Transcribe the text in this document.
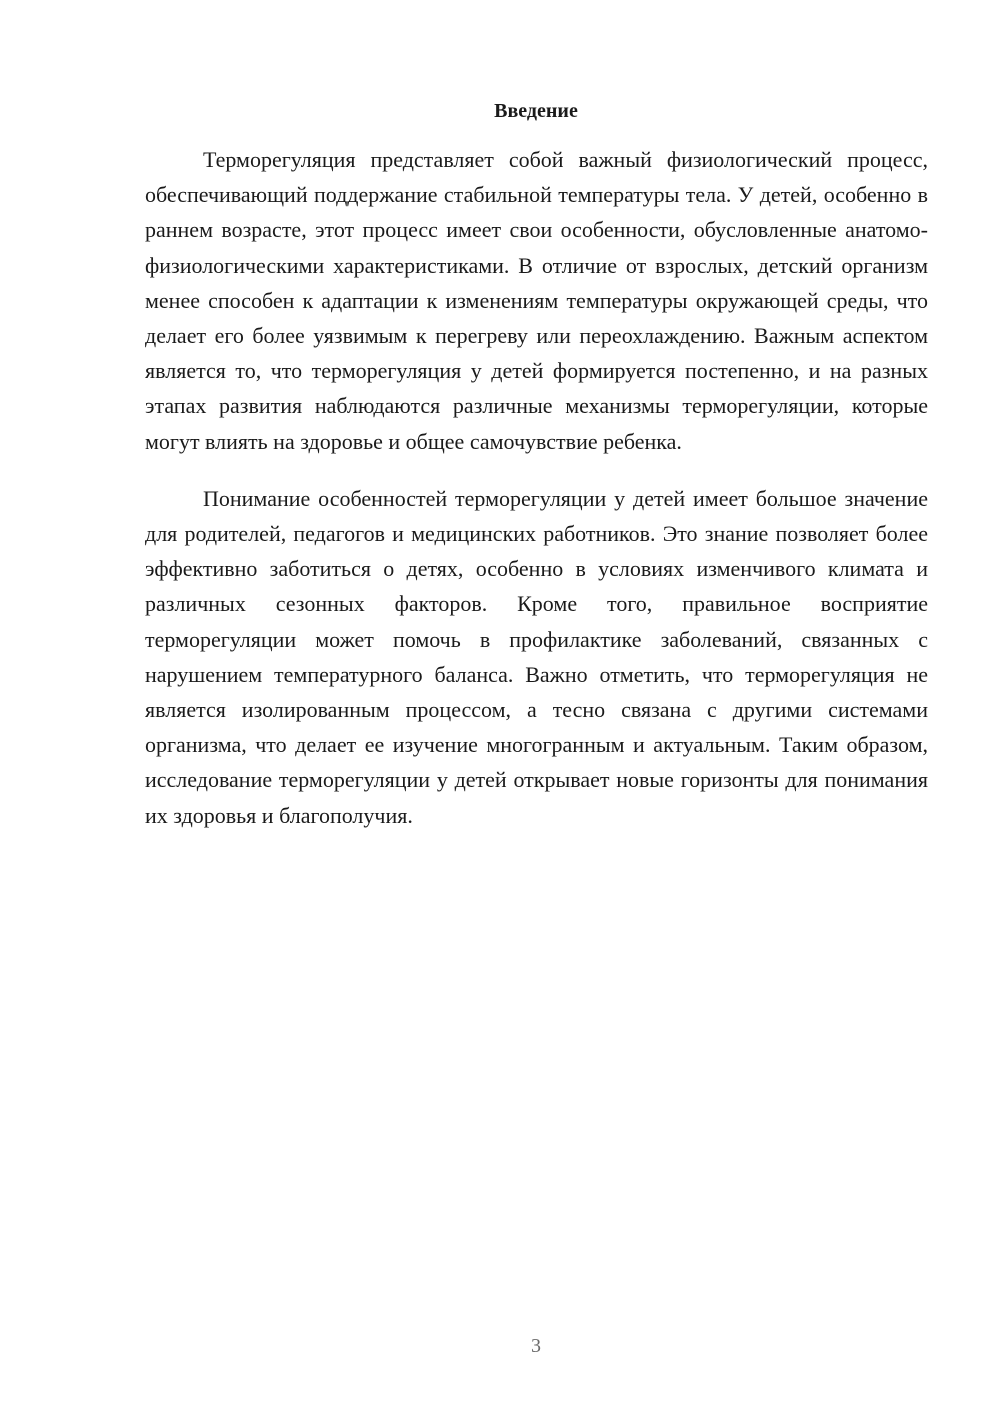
Введение

Терморегуляция представляет собой важный физиологический процесс, обеспечивающий поддержание стабильной температуры тела. У детей, особенно в раннем возрасте, этот процесс имеет свои особенности, обусловленные анатомо-физиологическими характеристиками. В отличие от взрослых, детский организм менее способен к адаптации к изменениям температуры окружающей среды, что делает его более уязвимым к перегреву или переохлаждению. Важным аспектом является то, что терморегуляция у детей формируется постепенно, и на разных этапах развития наблюдаются различные механизмы терморегуляции, которые могут влиять на здоровье и общее самочувствие ребенка.

Понимание особенностей терморегуляции у детей имеет большое значение для родителей, педагогов и медицинских работников. Это знание позволяет более эффективно заботиться о детях, особенно в условиях изменчивого климата и различных сезонных факторов. Кроме того, правильное восприятие терморегуляции может помочь в профилактике заболеваний, связанных с нарушением температурного баланса. Важно отметить, что терморегуляция не является изолированным процессом, а тесно связана с другими системами организма, что делает ее изучение многогранным и актуальным. Таким образом, исследование терморегуляции у детей открывает новые горизонты для понимания их здоровья и благополучия.

3
